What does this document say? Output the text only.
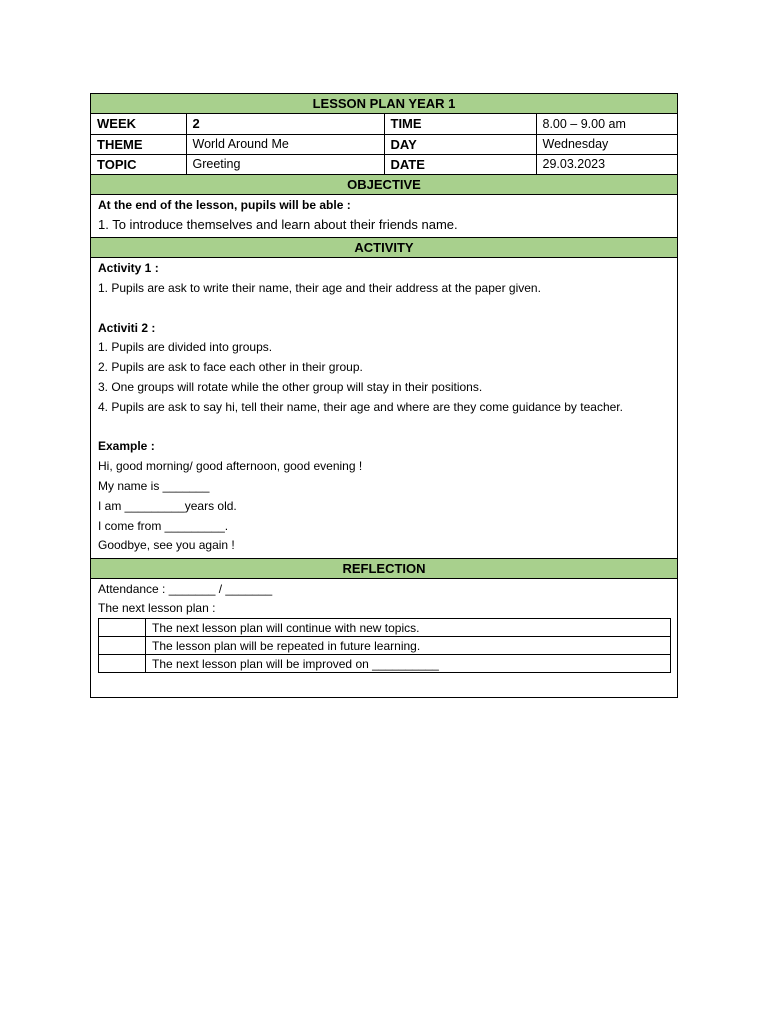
LESSON PLAN YEAR 1
WEEK	2	TIME	8.00 – 9.00 am
THEME	World Around Me	DAY	Wednesday
TOPIC	Greeting	DATE	29.03.2023
OBJECTIVE
At the end of the lesson, pupils will be able :
1. To introduce themselves and learn about their friends name.
ACTIVITY
Activity 1 :
1. Pupils are ask to write their name, their age and their address at the paper given.
Activiti 2 :
1. Pupils are divided into groups.
2. Pupils are ask to face each other in their group.
3. One groups will rotate while the other group will stay in their positions.
4. Pupils are ask to say hi, tell their name, their age and where are they come guidance by teacher.
Example :
Hi, good morning/ good afternoon, good evening !
My name is _______
I am _________years old.
I come from _________.
Goodbye, see you again !
REFLECTION
Attendance : _______ / _______
The next lesson plan :
	The next lesson plan will continue with new topics.
	The lesson plan will be repeated in future learning.
	The next lesson plan will be improved on __________
